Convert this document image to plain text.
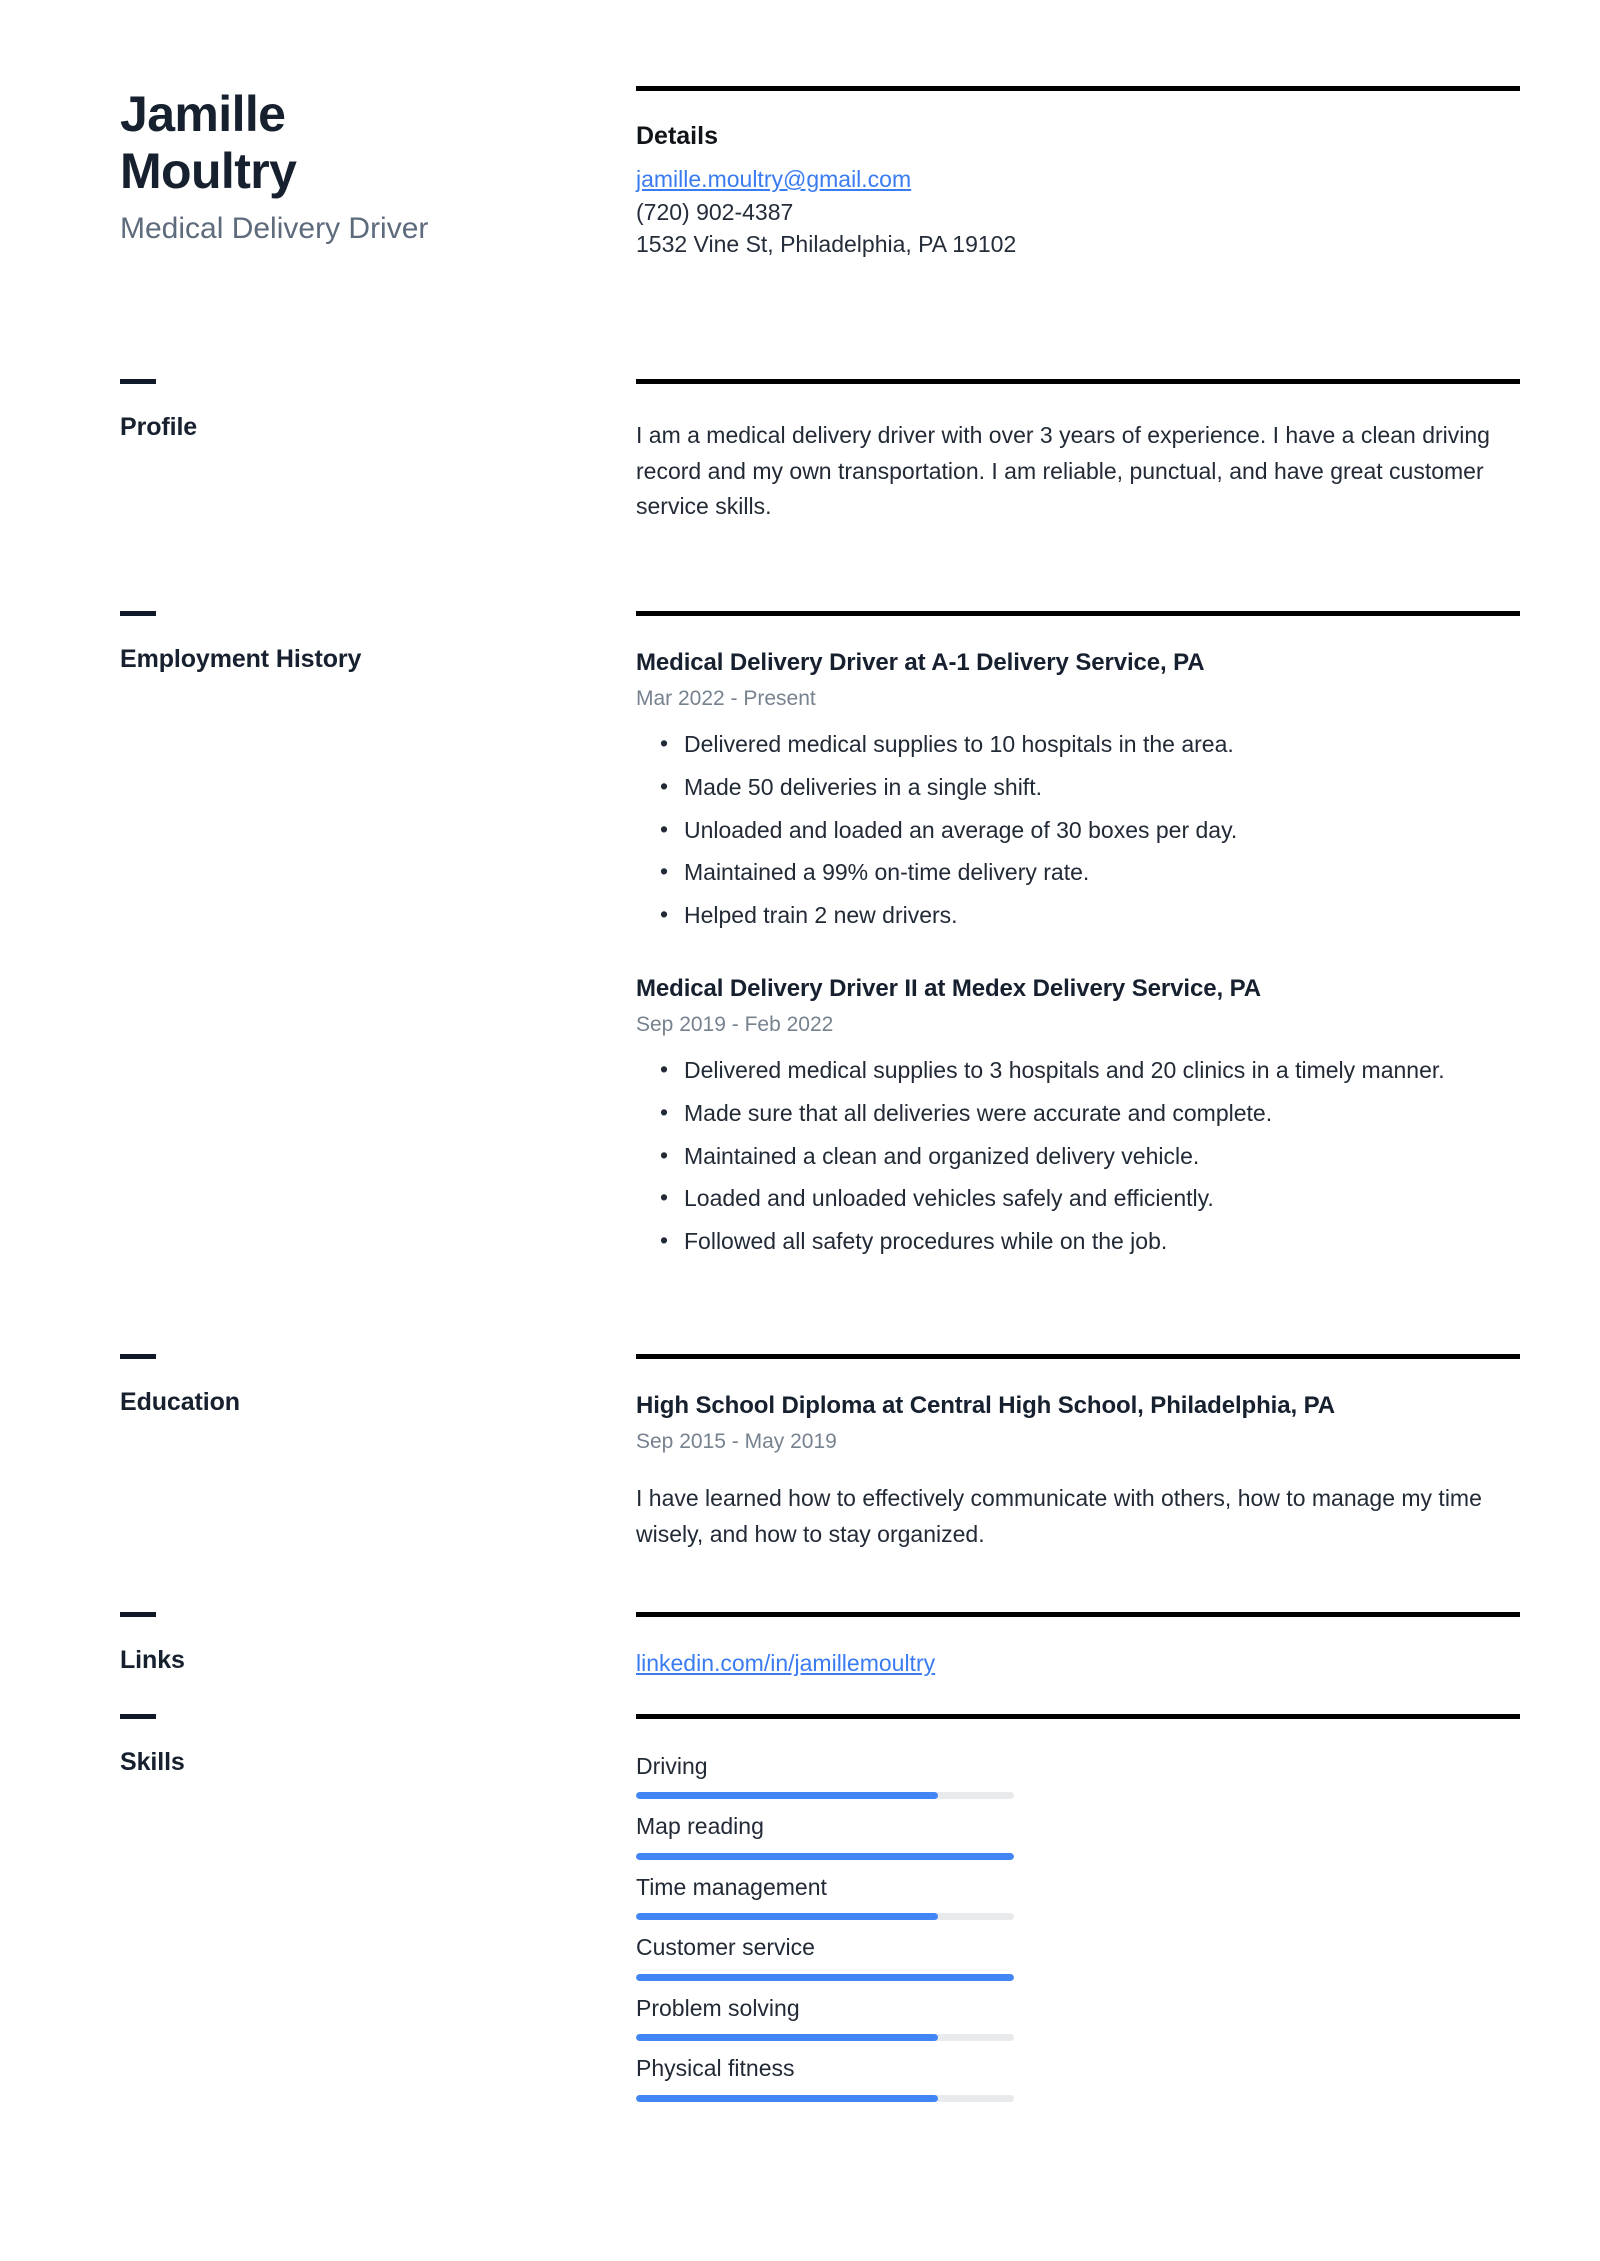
Jamille Moultry
Medical Delivery Driver
Details
jamille.moultry@gmail.com
(720) 902-4387
1532 Vine St, Philadelphia, PA 19102
Profile	I am a medical delivery driver with over 3 years of experience. I have a clean driving record and my own transportation. I am reliable, punctual, and have great customer service skills.

Employment History	Medical Delivery Driver at A-1 Delivery Service, PA
Mar 2022 - Present
• Delivered medical supplies to 10 hospitals in the area.
• Made 50 deliveries in a single shift.
• Unloaded and loaded an average of 30 boxes per day.
• Maintained a 99% on-time delivery rate.
• Helped train 2 new drivers.
Medical Delivery Driver II at Medex Delivery Service, PA
Sep 2019 - Feb 2022
• Delivered medical supplies to 3 hospitals and 20 clinics in a timely manner.
• Made sure that all deliveries were accurate and complete.
• Maintained a clean and organized delivery vehicle.
• Loaded and unloaded vehicles safely and efficiently.
• Followed all safety procedures while on the job.
Education	High School Diploma at Central High School, Philadelphia, PA
Sep 2015 - May 2019

I have learned how to effectively communicate with others, how to manage my time wisely, and how to stay organized.

Links	linkedin.com/in/jamillemoultry
Skills	Driving
Map reading
Time management
Customer service
Problem solving
Physical fitness
